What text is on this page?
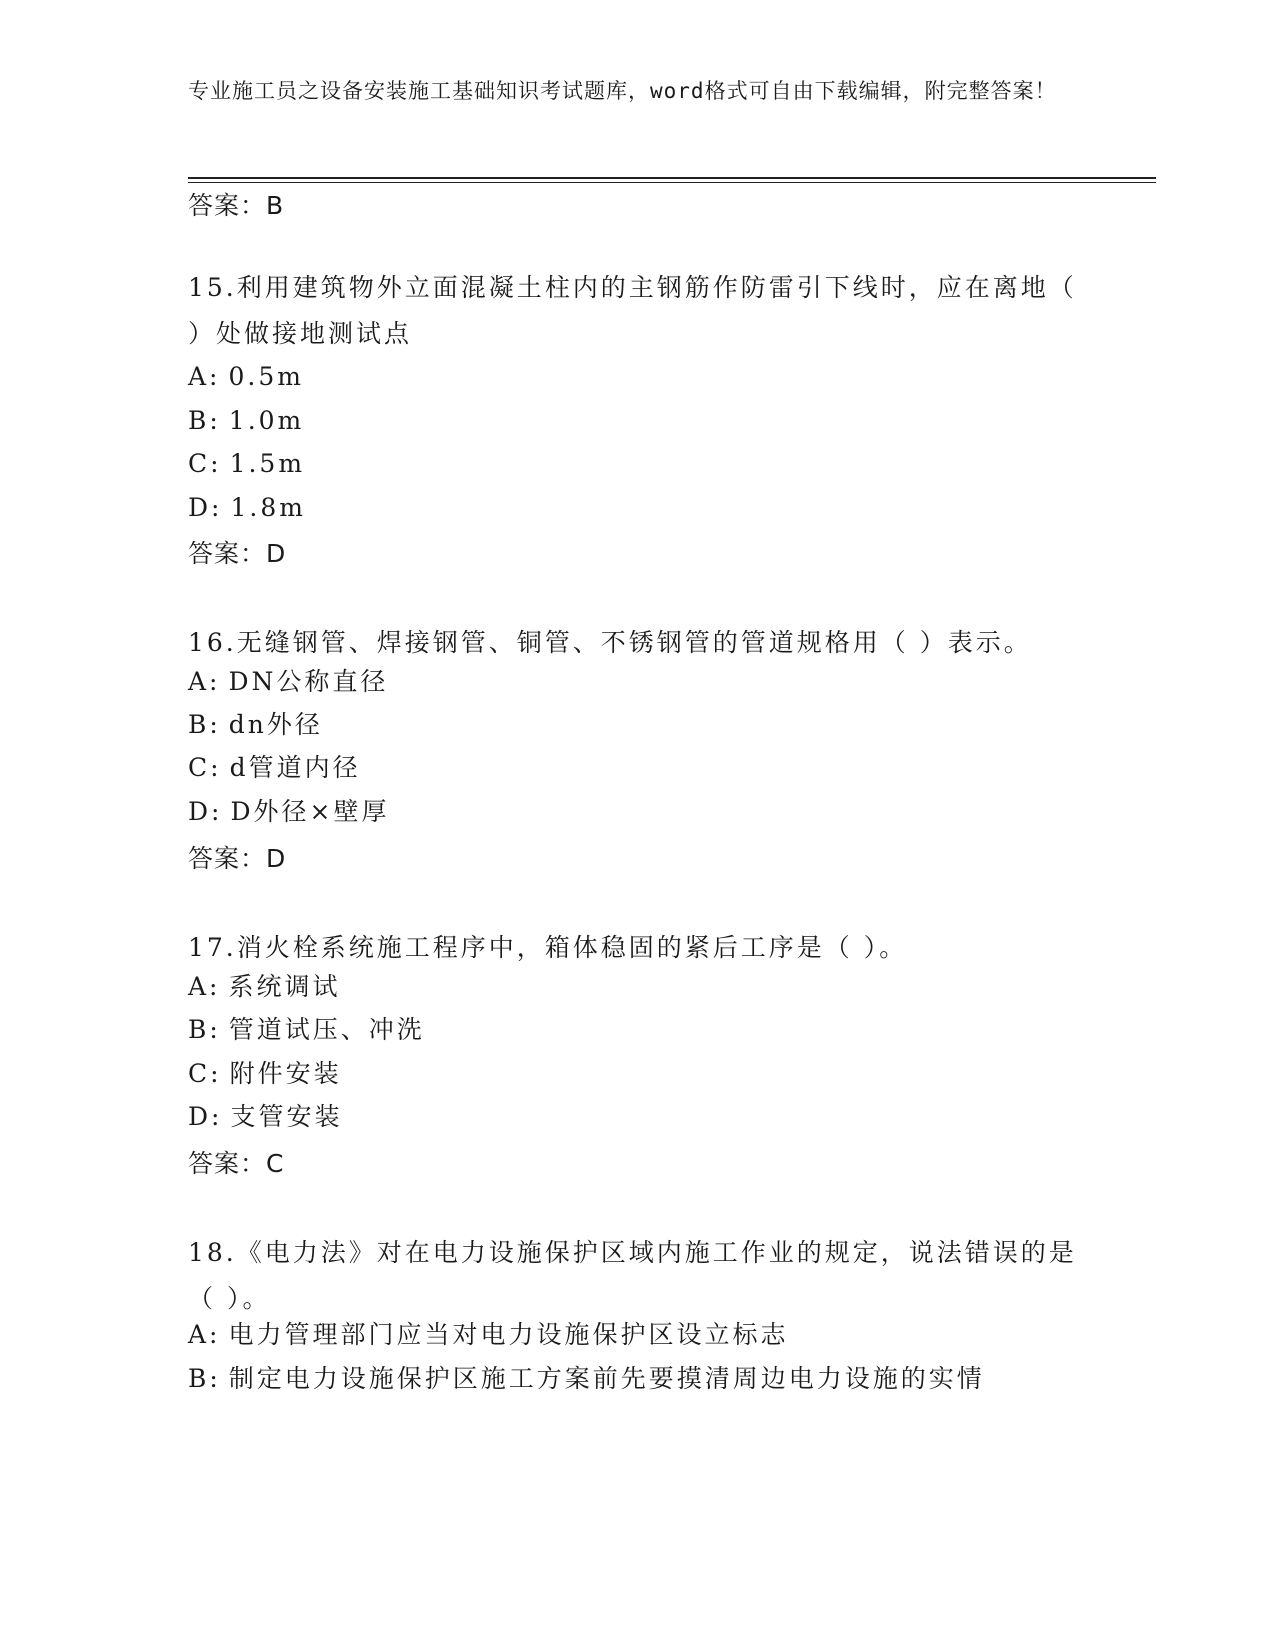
专业施工员之设备安装施工基础知识考试题库，word格式可自由下载编辑，附完整答案！
答案：B
15.利用建筑物外立面混凝土柱内的主钢筋作防雷引下线时，应在离地（ ）处做接地测试点
A: 0.5m
B: 1.0m
C: 1.5m
D: 1.8m
答案：D
16.无缝钢管、焊接钢管、铜管、不锈钢管的管道规格用（ ）表示。
A: DN公称直径
B: dn外径
C: d管道内径
D: D外径×壁厚
答案：D
17.消火栓系统施工程序中，箱体稳固的紧后工序是（ ）。
A: 系统调试
B: 管道试压、冲洗
C: 附件安装
D: 支管安装
答案：C
18.《电力法》对在电力设施保护区域内施工作业的规定，说法错误的是（ ）。
A: 电力管理部门应当对电力设施保护区设立标志
B: 制定电力设施保护区施工方案前先要摸清周边电力设施的实情
